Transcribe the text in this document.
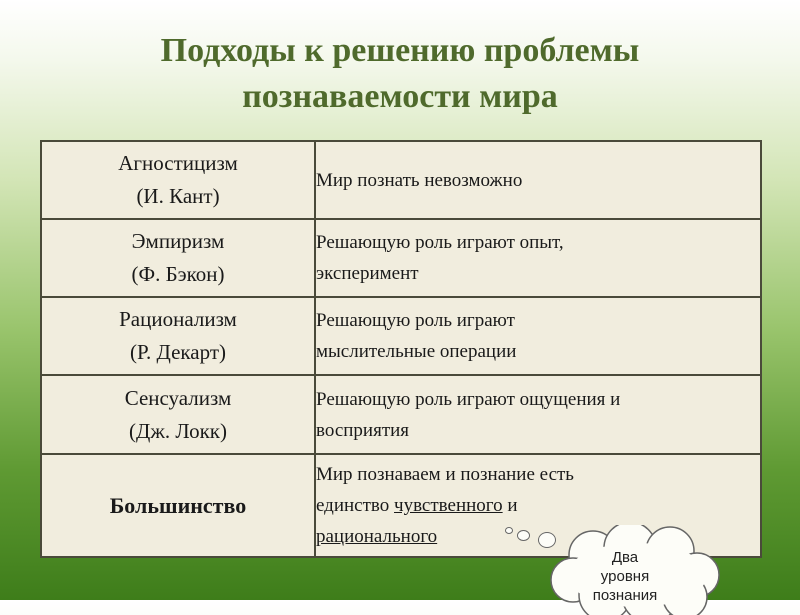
Подходы к решению проблемы
познаваемости мира
Агностицизм
(И. Кант)	Мир познать невозможно

Эмпиризм
(Ф. Бэкон)	Решающую роль играют опыт,
эксперимент

Рационализм
(Р. Декарт)	Решающую роль играют
мыслительные операции

Сенсуализм
(Дж. Локк)	Решающую роль играют ощущения и
восприятия

Большинство	Мир познаваем и познание есть
единство чувственного и
рационального
Два
уровня
познания
